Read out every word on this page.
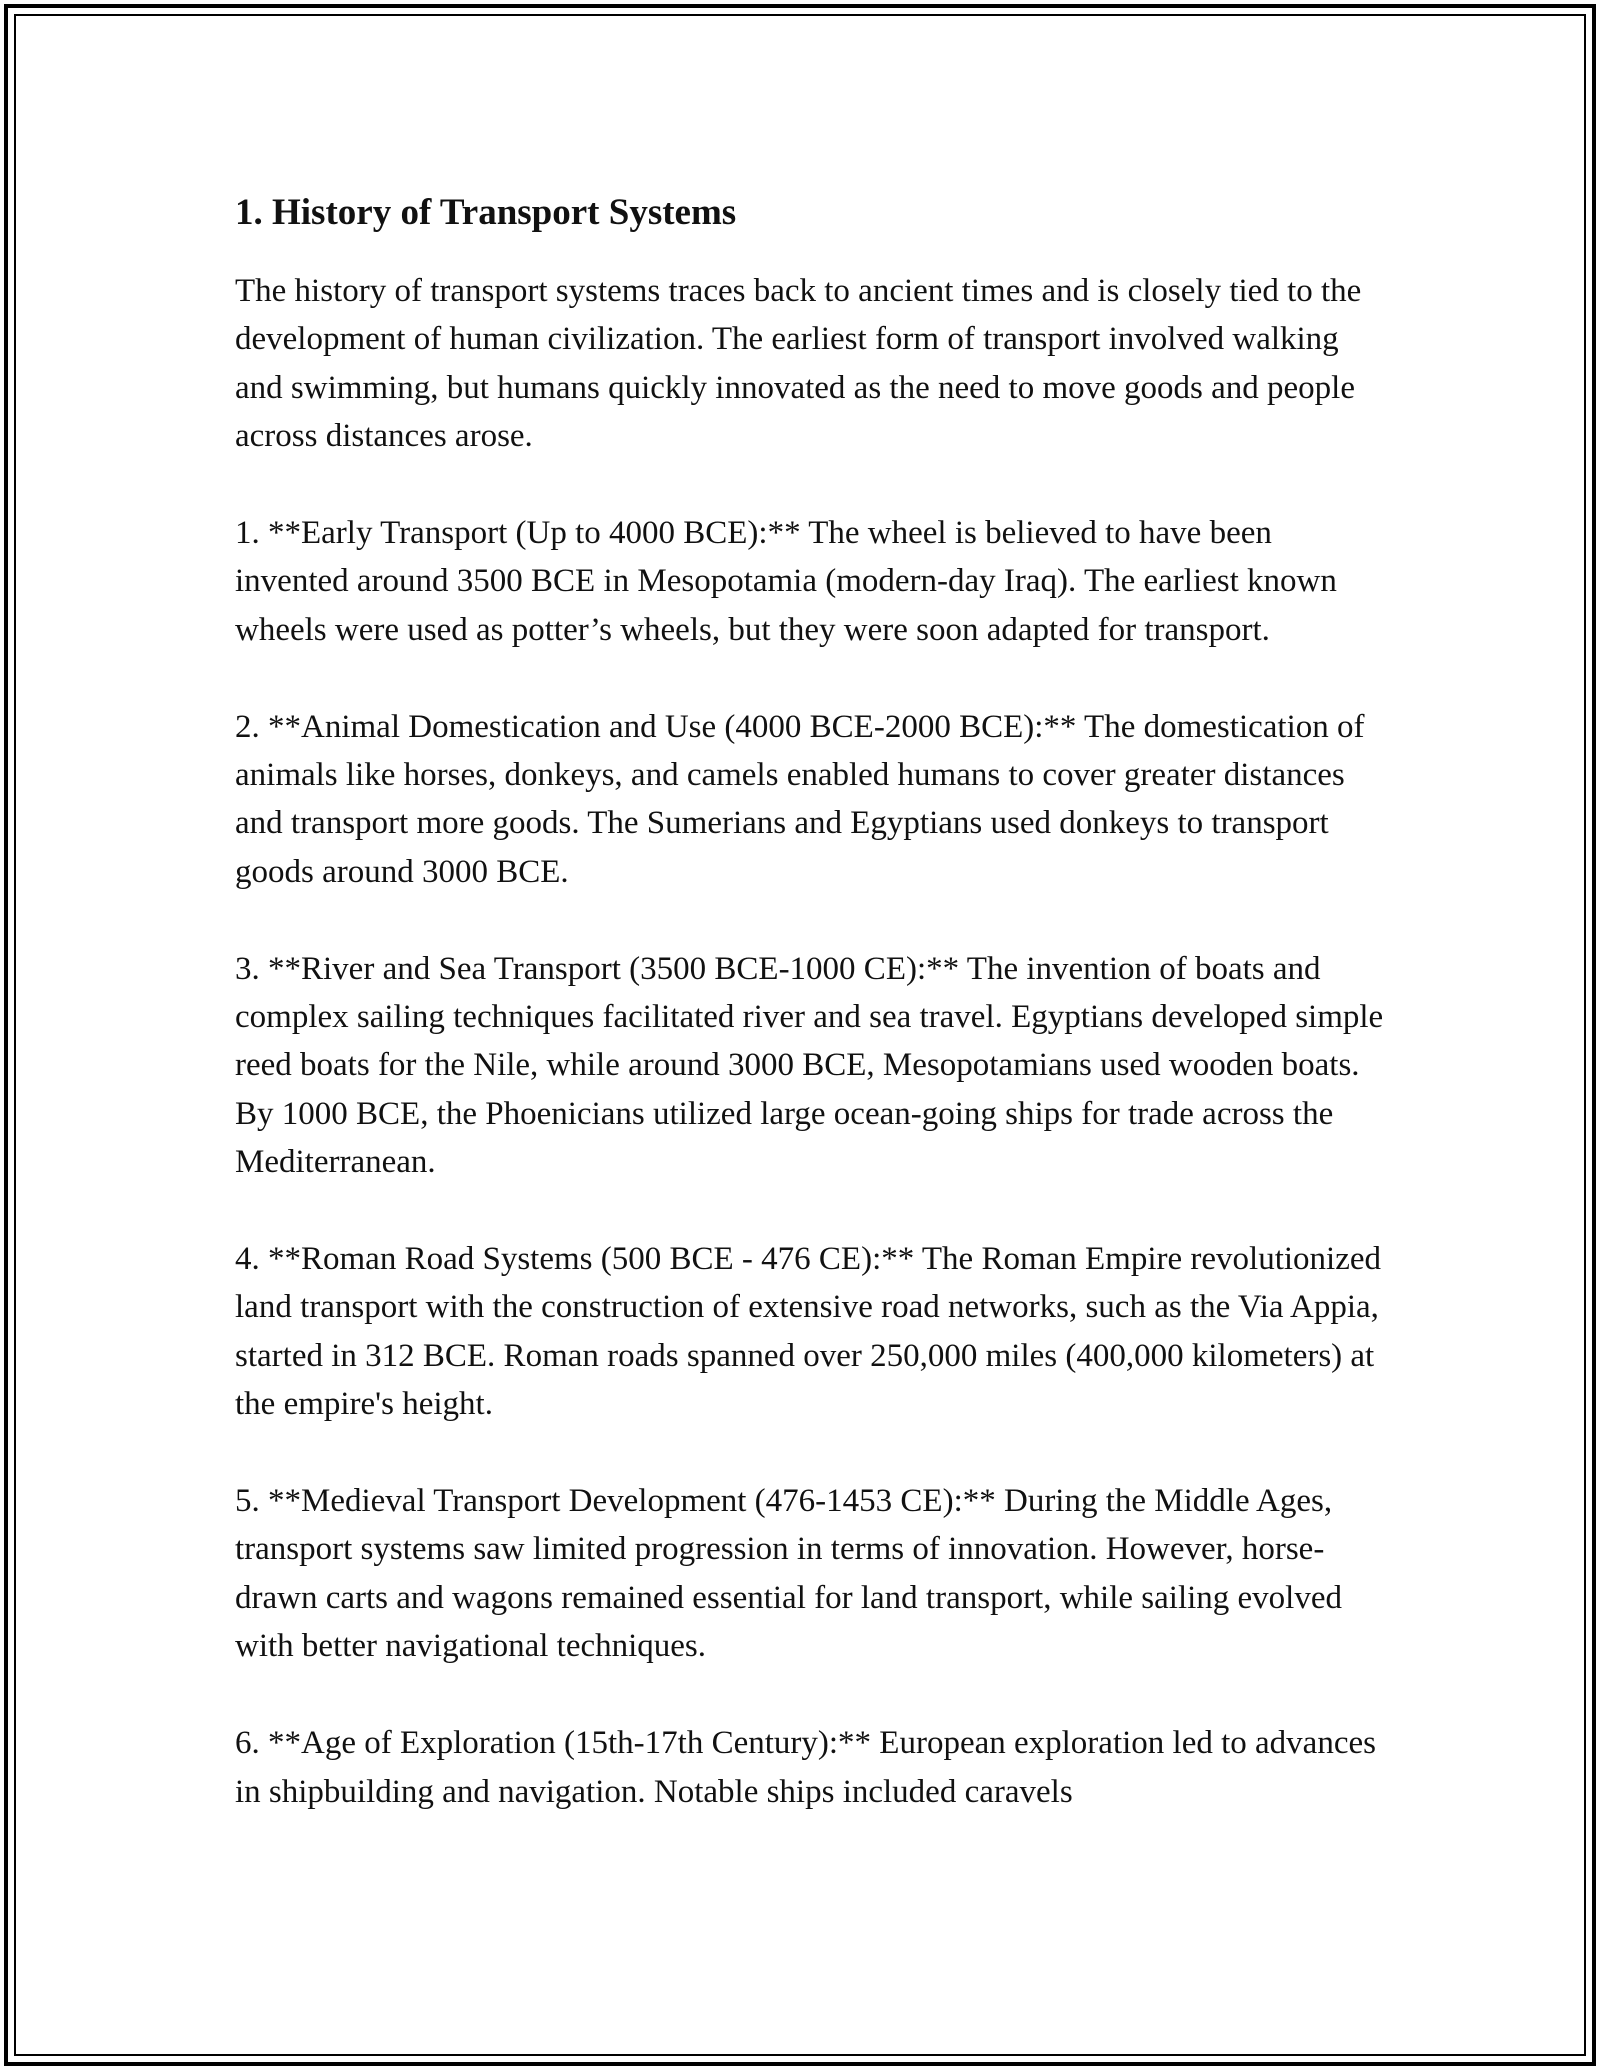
1. History of Transport Systems

The history of transport systems traces back to ancient times and is closely tied to the development of human civilization. The earliest form of transport involved walking and swimming, but humans quickly innovated as the need to move goods and people across distances arose.

1. **Early Transport (Up to 4000 BCE):** The wheel is believed to have been invented around 3500 BCE in Mesopotamia (modern-day Iraq). The earliest known wheels were used as potter’s wheels, but they were soon adapted for transport.

2. **Animal Domestication and Use (4000 BCE-2000 BCE):** The domestication of animals like horses, donkeys, and camels enabled humans to cover greater distances and transport more goods. The Sumerians and Egyptians used donkeys to transport goods around 3000 BCE.

3. **River and Sea Transport (3500 BCE-1000 CE):** The invention of boats and complex sailing techniques facilitated river and sea travel. Egyptians developed simple reed boats for the Nile, while around 3000 BCE, Mesopotamians used wooden boats. By 1000 BCE, the Phoenicians utilized large ocean-going ships for trade across the Mediterranean.

4. **Roman Road Systems (500 BCE - 476 CE):** The Roman Empire revolutionized land transport with the construction of extensive road networks, such as the Via Appia, started in 312 BCE. Roman roads spanned over 250,000 miles (400,000 kilometers) at the empire's height.

5. **Medieval Transport Development (476-1453 CE):** During the Middle Ages, transport systems saw limited progression in terms of innovation. However, horse-drawn carts and wagons remained essential for land transport, while sailing evolved with better navigational techniques.

6. **Age of Exploration (15th-17th Century):** European exploration led to advances in shipbuilding and navigation. Notable ships included caravels
